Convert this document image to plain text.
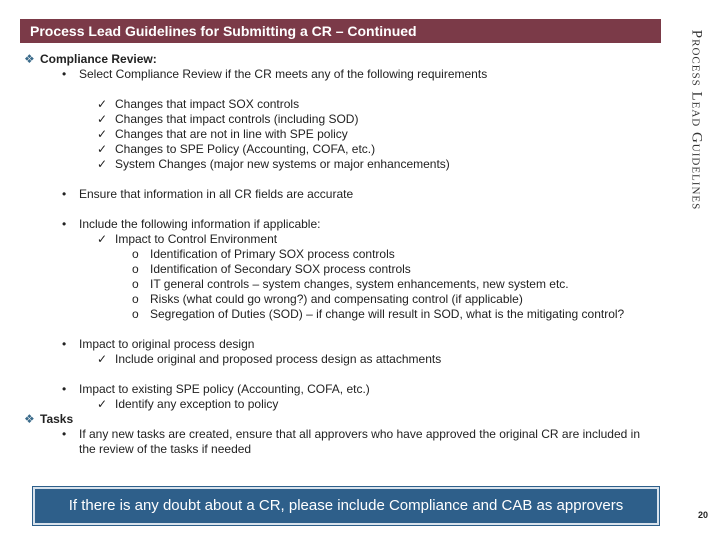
Process Lead Guidelines for Submitting a CR – Continued	Process Lead Guidelines
❖ Compliance Review:
• Select Compliance Review if the CR meets any of the following requirements
✓ Changes that impact SOX controls
✓ Changes that impact controls (including SOD)
✓ Changes that are not in line with SPE policy
✓ Changes to SPE Policy (Accounting, COFA, etc.)
✓ System Changes (major new systems or major enhancements)
• Ensure that information in all CR fields are accurate
• Include the following information if applicable:
✓ Impact to Control Environment
o Identification of Primary SOX process controls
o Identification of Secondary SOX process controls
o IT general controls – system changes, system enhancements, new system etc.
o Risks (what could go wrong?) and compensating control (if applicable)
o Segregation of Duties (SOD) – if change will result in SOD, what is the mitigating control?
• Impact to original process design
✓ Include original and proposed process design as attachments
• Impact to existing SPE policy (Accounting, COFA, etc.)
✓ Identify any exception to policy
❖ Tasks
• If any new tasks are created, ensure that all approvers who have approved the original CR are included in
the review of the tasks if needed
If there is any doubt about a CR, please include Compliance and CAB as approvers
20
